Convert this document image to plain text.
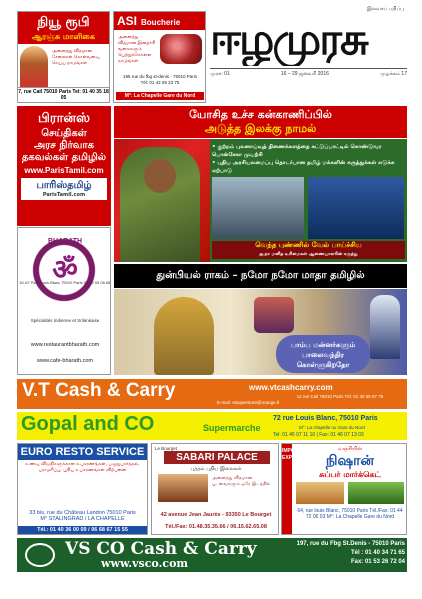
இலவசப் பதிப்பு
நியூ ரூபி
ஆரஞ்சு மாளிகை
அனைத்து விதமான சேலைகள் கொள்வனவு செய்ய நாடுங்கள்
7, rue Cail 75010 Paris Tel: 01 40 35 18 05
ASI Boucherie
அனைத்து விதமான இறைச்சி வகைகளும் பெற்றுக்கொள்ள நாடுங்கள்
195 rue du fbg st-denis - 75010 Paris
Tél: 01 42 05 23 75
M°: La Chapelle Gare du Nord
ஈழமுரசு
முரசு: 01	16 – 29 ஜனவரி 2016	முழக்கம் 17
பிரான்ஸ்
செய்திகள்
அரச நிர்வாக
தகவல்கள் தமிழில்
www.ParisTamil.com
பாரிஸ்தமிழ்
ParisTamil.com
BHARATH
ॐ
61-67 Rue Louis Blanc 75010 Paris 01 42 09 06 68
Spécialités Indienne et Srilankaise
www.restaurantbharath.com
www.cafe-bharath.com
யோசித உச்ச கன்காணிப்பில்
அடுத்த இலக்கு நாமல்
• குற்றம் புலனாய்வுத் திணைக்களத்தை கட்டுப்பாட்டில் கொண்டுவர பொன்சேகா முயற்சி
• புதிய அரசியலமைப்பு தொடர்பான தமிழ் மக்களின் கருத்துக்கள் எடுக்க ஏற்பாடு
வெந்த புண்ணில் வேல் பாய்ச்சிய
ஐ.நா மனித உரிமைகள் ஆணையாளரின் கருத்து
துன்பியல் ராகம் – நமோ நமோ மாதா தமிழில்
பாம்ப மன்னர்களும்
பாலைவந்திர
கொள்ளுகிறதோ
V.T Cash & Carry	www.vtcashcarry.com
11 rue Cail 75010 Paris Tél: 01 40 05 97 76
E-mail: vtsuperstore@orange.fr
Gopal and CO	Supermarche
72 rue Louis Blanc, 75010 Paris
M°: La chapelle ou Gare du Nord
Tel: 01 46 07 11 10 | Fax: 01 46 07 13 03
EURO RESTO SERVICE
உணவு விடுதிகளுக்கான உபகரணங்கள், பழுதுபார்த்தல், பராமரிப்பு, புதிய உபகரணங்கள் விற்பனை
33 bis, rue du Château Landon 75010 Paris
M° STALINGRAD / LA CHAPELLE
Tél.: 01 40 36 00 09 / 06 68 67 15 55
Le Bourget
SABARI PALACE
புத்தம் புதிய இலைகள்
அனைத்து விதமான புடவைகளும் ஒரே இடத்தில்
42 avenue Jean Jaurès - 93350 Le Bourget
Tél./Fax: 01.48.35.35.66 / 06.15.62.65.08
IMPORT EXPORT
வஞ்சியின்
நிஷான்
சுப்பர் மார்க்கெட்
64, rue louis Blanc, 75010 Paris Tél./Fax: 01 44 72 06 03 M°: La Chapelle Gare du Nord
VS CO Cash & Carry
www.vsco.com
197, rue du Fbg St.Denis - 75010 Paris
Tél : 01 40 34 71 65
Fax: 01 53 26 72 04
